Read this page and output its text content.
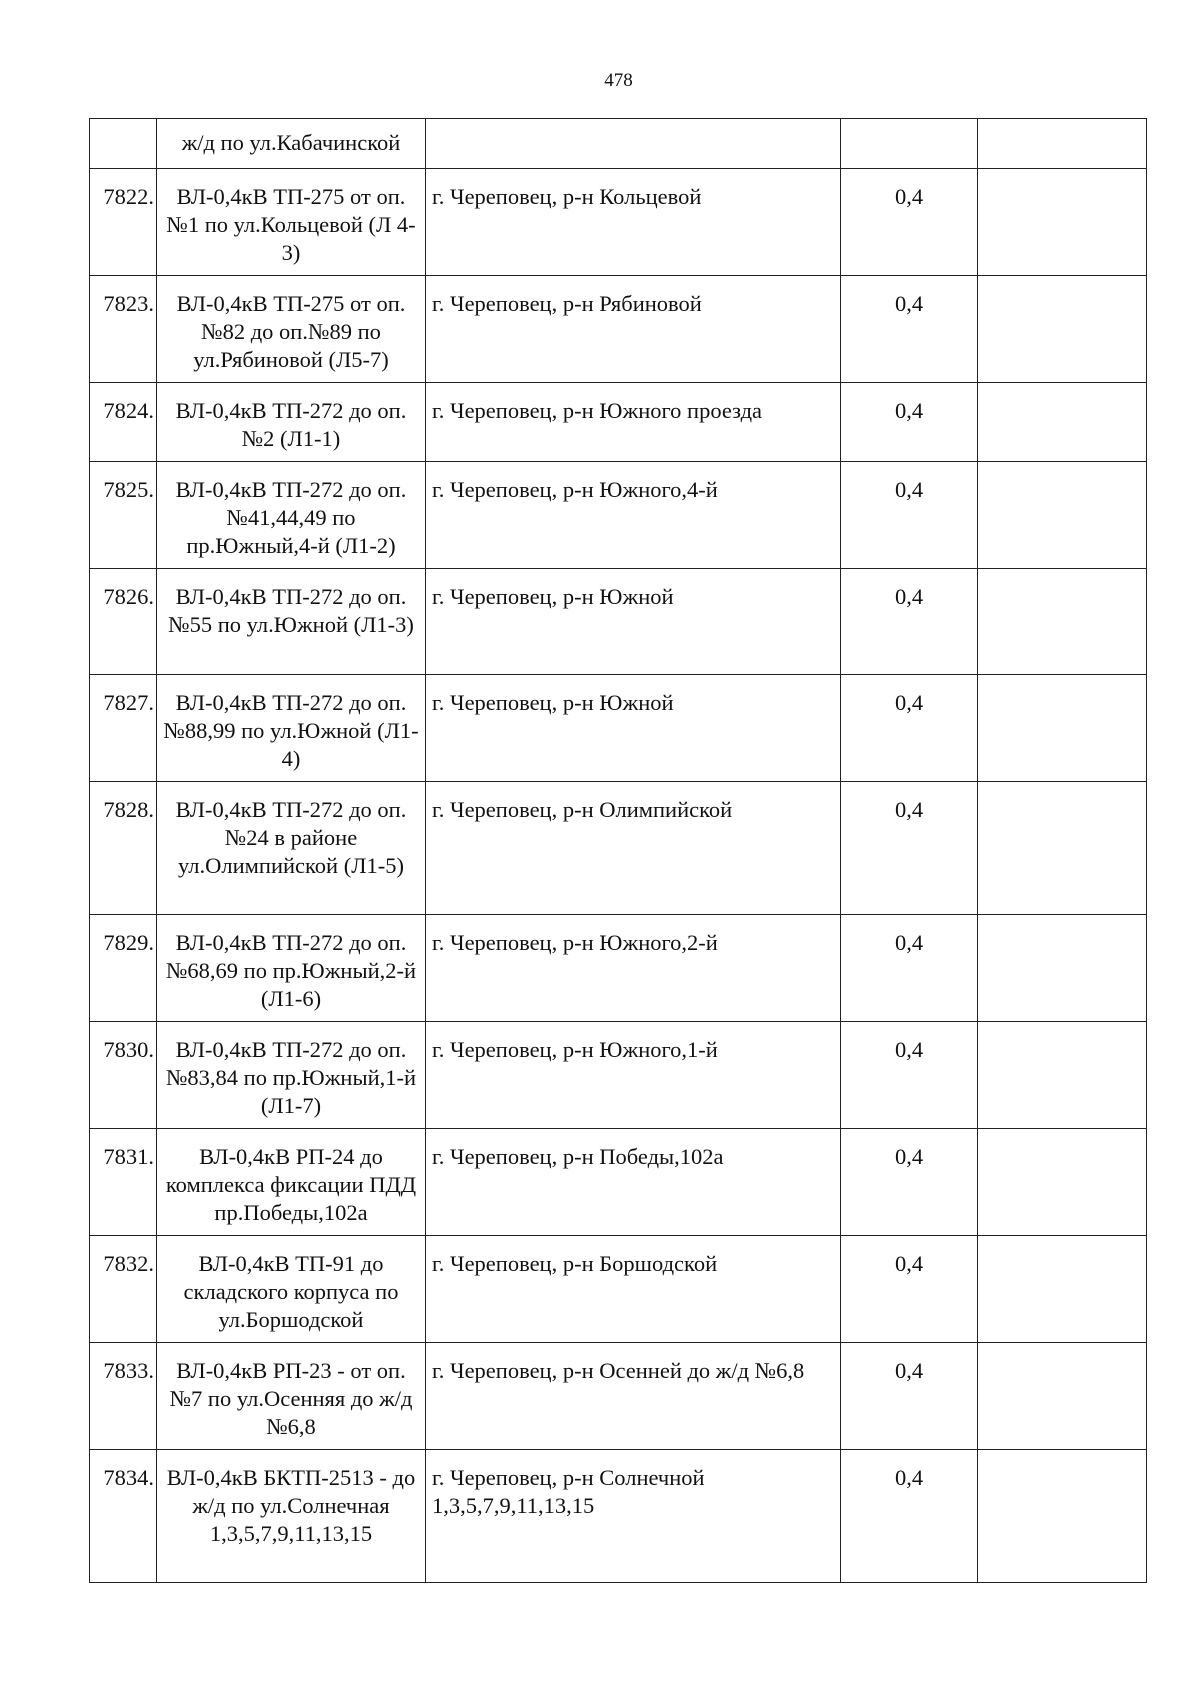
478
	ж/д по ул.Кабачинской			
7822.	ВЛ-0,4кВ ТП-275 от оп.№1 по ул.Кольцевой (Л 4-3)	г. Череповец, р-н Кольцевой	0,4	
7823.	ВЛ-0,4кВ ТП-275 от оп.№82 до оп.№89 по ул.Рябиновой (Л5-7)	г. Череповец, р-н Рябиновой	0,4	
7824.	ВЛ-0,4кВ ТП-272 до оп.№2 (Л1-1)	г. Череповец, р-н Южного проезда	0,4	
7825.	ВЛ-0,4кВ ТП-272 до оп.№41,44,49 по пр.Южный,4-й (Л1-2)	г. Череповец, р-н Южного,4-й	0,4	
7826.	ВЛ-0,4кВ ТП-272 до оп.№55 по ул.Южной (Л1-3)	г. Череповец, р-н Южной	0,4	
7827.	ВЛ-0,4кВ ТП-272 до оп.№88,99 по ул.Южной (Л1-4)	г. Череповец, р-н Южной	0,4	
7828.	ВЛ-0,4кВ ТП-272 до оп.№24 в районе ул.Олимпийской (Л1-5)	г. Череповец, р-н Олимпийской	0,4	
7829.	ВЛ-0,4кВ ТП-272 до оп.№68,69 по пр.Южный,2-й (Л1-6)	г. Череповец, р-н Южного,2-й	0,4	
7830.	ВЛ-0,4кВ ТП-272 до оп.№83,84 по пр.Южный,1-й (Л1-7)	г. Череповец, р-н Южного,1-й	0,4	
7831.	ВЛ-0,4кВ РП-24 до комплекса фиксации ПДД пр.Победы,102а	г. Череповец, р-н Победы,102а	0,4	
7832.	ВЛ-0,4кВ ТП-91 до складского корпуса по ул.Боршодской	г. Череповец, р-н Боршодской	0,4	
7833.	ВЛ-0,4кВ РП-23 - от оп.№7 по ул.Осенняя до ж/д №6,8	г. Череповец, р-н Осенней до ж/д №6,8	0,4	
7834.	ВЛ-0,4кВ БКТП-2513 - до ж/д по ул.Солнечная 1,3,5,7,9,11,13,15	г. Череповец, р-н Солнечной 1,3,5,7,9,11,13,15	0,4	
